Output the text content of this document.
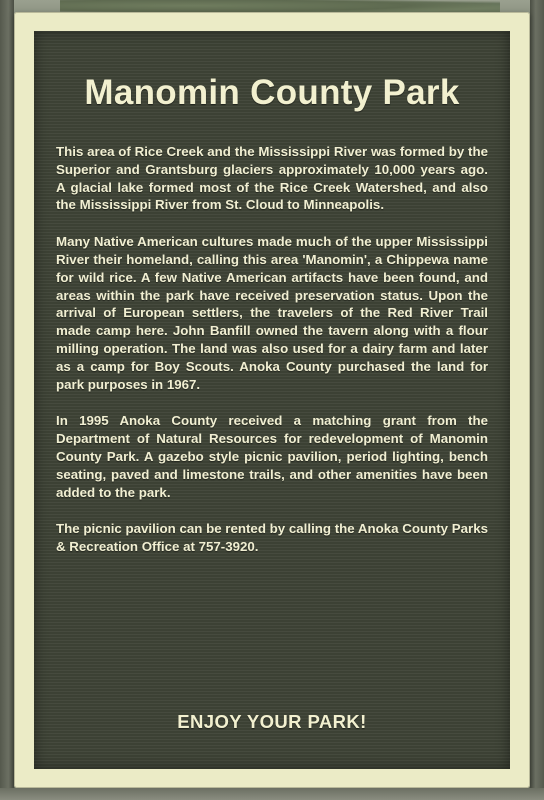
Manomin County Park

This area of Rice Creek and the Mississippi River was formed by the Superior and Grantsburg glaciers approximately 10,000 years ago. A glacial lake formed most of the Rice Creek Watershed, and also the Mississippi River from St. Cloud to Minneapolis.

Many Native American cultures made much of the upper Mississippi River their homeland, calling this area 'Manomin', a Chippewa name for wild rice. A few Native American artifacts have been found, and areas within the park have received preservation status. Upon the arrival of European settlers, the travelers of the Red River Trail made camp here. John Banfill owned the tavern along with a flour milling operation. The land was also used for a dairy farm and later as a camp for Boy Scouts. Anoka County purchased the land for park purposes in 1967.

In 1995 Anoka County received a matching grant from the Department of Natural Resources for redevelopment of Manomin County Park. A gazebo style picnic pavilion, period lighting, bench seating, paved and limestone trails, and other amenities have been added to the park.

The picnic pavilion can be rented by calling the Anoka County Parks & Recreation Office at 757-3920.

ENJOY YOUR PARK!
